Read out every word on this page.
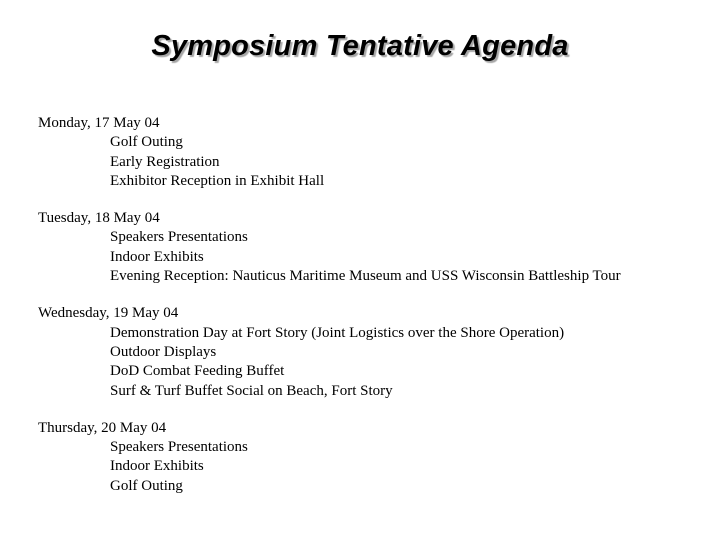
Symposium Tentative Agenda
Monday, 17 May 04
Golf Outing
Early Registration
Exhibitor Reception in Exhibit Hall
Tuesday, 18 May 04
Speakers Presentations
Indoor Exhibits
Evening Reception: Nauticus Maritime Museum and USS Wisconsin Battleship Tour
Wednesday, 19 May 04
Demonstration Day at Fort Story (Joint Logistics over the Shore Operation)
Outdoor Displays
DoD Combat Feeding Buffet
Surf & Turf Buffet Social on Beach, Fort Story
Thursday, 20 May 04
Speakers Presentations
Indoor Exhibits
Golf Outing
